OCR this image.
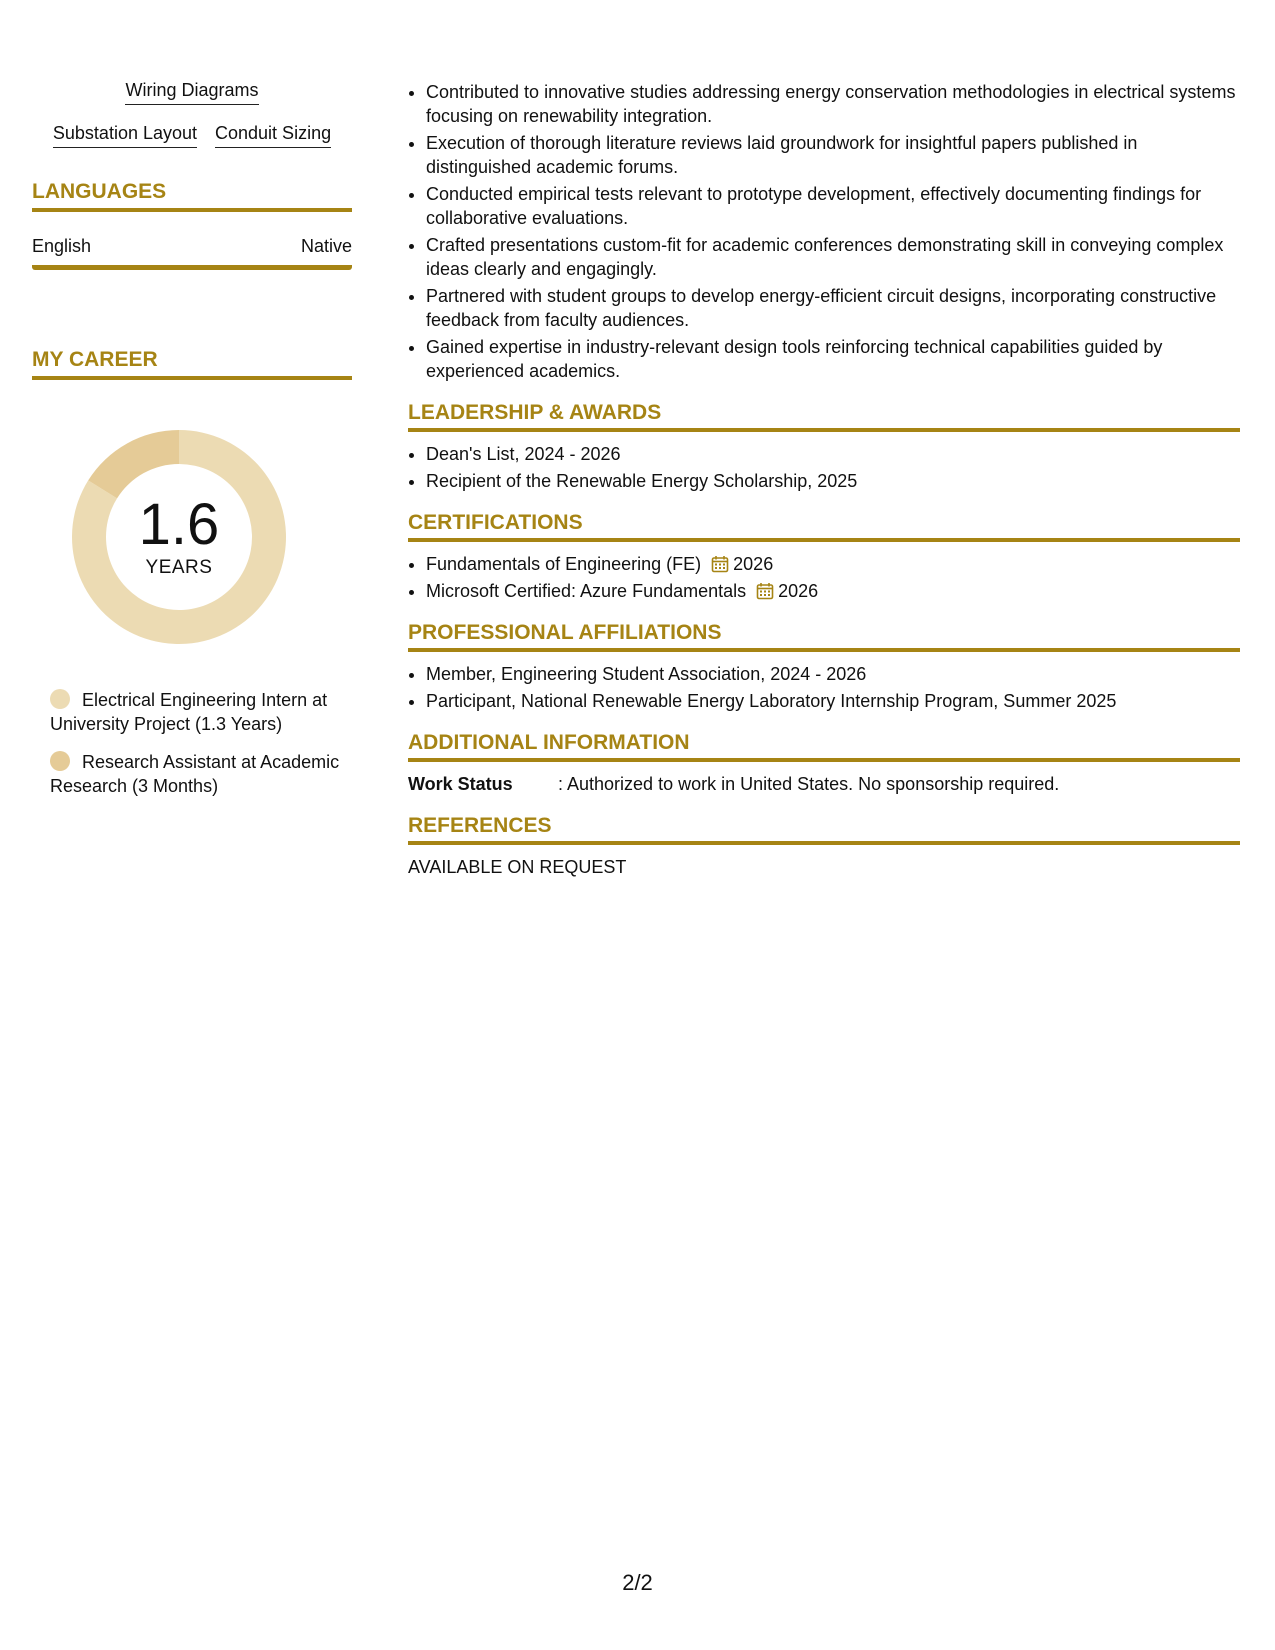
Wiring Diagrams
Substation Layout Conduit Sizing
LANGUAGES
English	Native
MY CAREER
1.6
YEARS
Electrical Engineering Intern at University Project (1.3 Years)
Research Assistant at Academic Research (3 Months)
• Contributed to innovative studies addressing energy conservation methodologies in electrical systems focusing on renewability integration.
• Execution of thorough literature reviews laid groundwork for insightful papers published in distinguished academic forums.
• Conducted empirical tests relevant to prototype development, effectively documenting findings for collaborative evaluations.
• Crafted presentations custom-fit for academic conferences demonstrating skill in conveying complex ideas clearly and engagingly.
• Partnered with student groups to develop energy-efficient circuit designs, incorporating constructive feedback from faculty audiences.
• Gained expertise in industry-relevant design tools reinforcing technical capabilities guided by experienced academics.
LEADERSHIP & AWARDS
• Dean's List, 2024 - 2026
• Recipient of the Renewable Energy Scholarship, 2025
CERTIFICATIONS
• Fundamentals of Engineering (FE) 2026
• Microsoft Certified: Azure Fundamentals 2026
PROFESSIONAL AFFILIATIONS
• Member, Engineering Student Association, 2024 - 2026
• Participant, National Renewable Energy Laboratory Internship Program, Summer 2025
ADDITIONAL INFORMATION
Work Status	: Authorized to work in United States. No sponsorship required.
REFERENCES
AVAILABLE ON REQUEST
2/2
